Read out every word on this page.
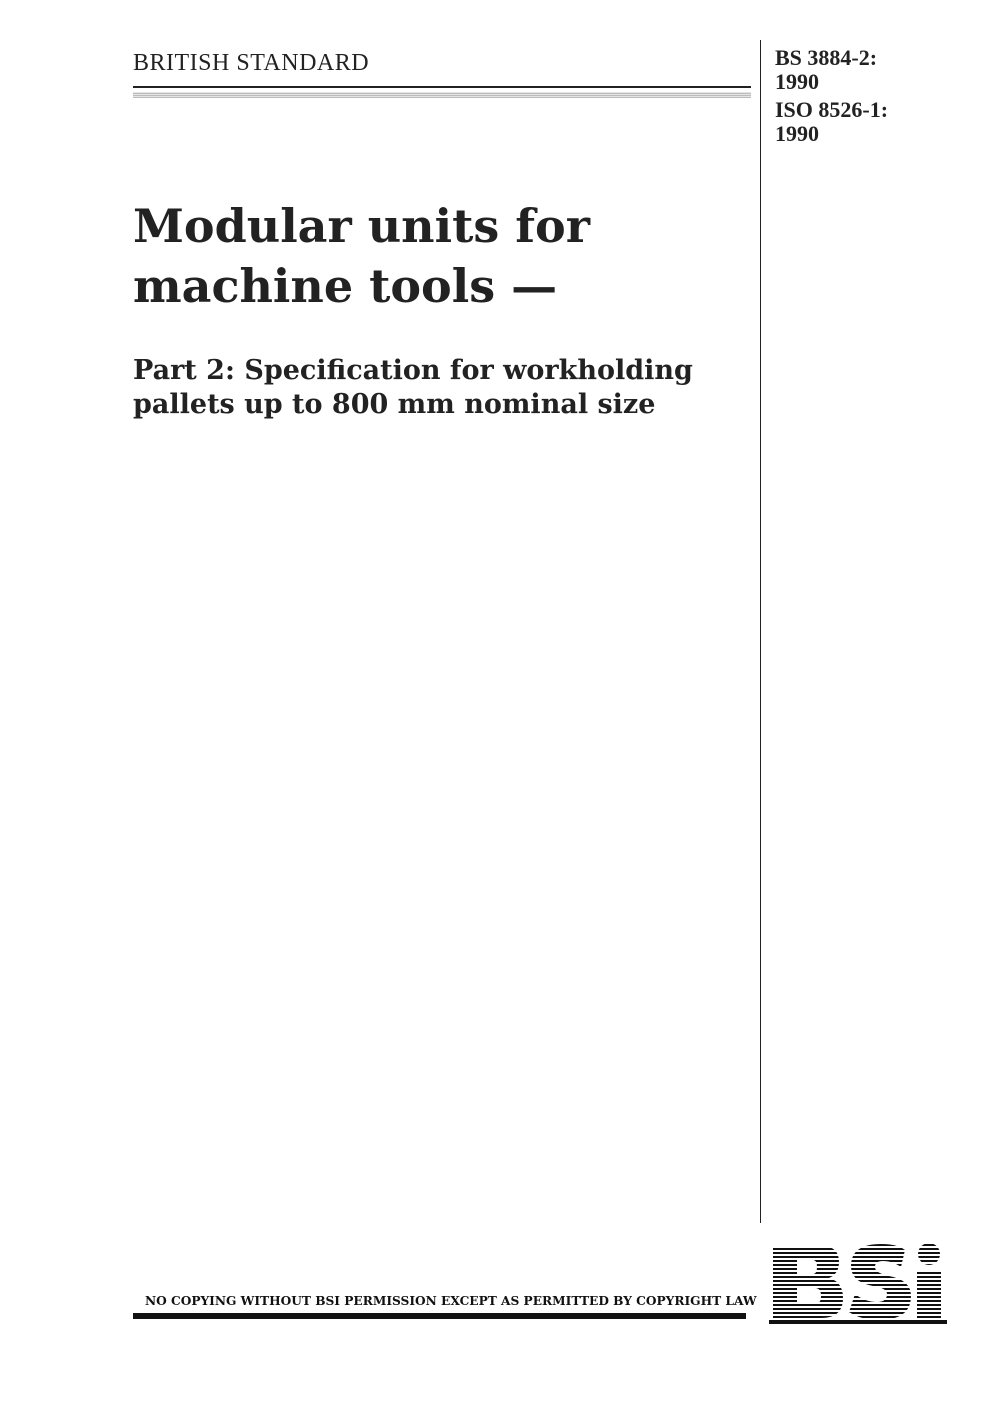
BRITISH STANDARD	BS 3884-2:
1990
ISO 8526-1:
1990
Modular units for
machine tools —
Part 2: Specification for workholding
pallets up to 800 mm nominal size
NO COPYING WITHOUT BSI PERMISSION EXCEPT AS PERMITTED BY COPYRIGHT LAW
